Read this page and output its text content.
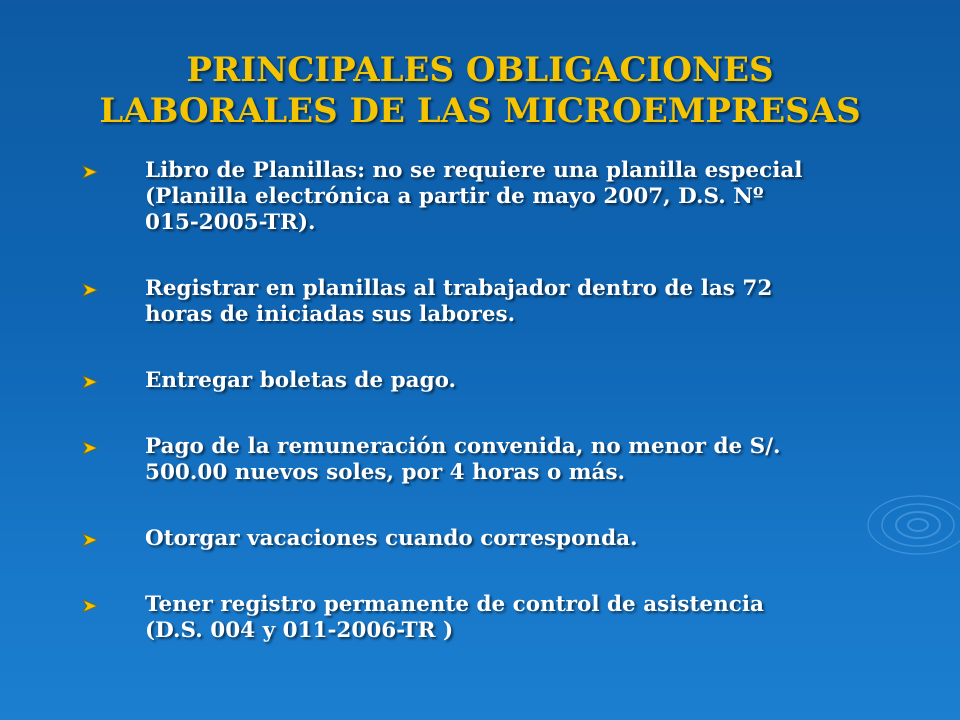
PRINCIPALES OBLIGACIONES
LABORALES DE LAS MICROEMPRESAS
Libro de Planillas: no se requiere una planilla especial
(Planilla electrónica a partir de mayo 2007, D.S. Nº
015-2005-TR).
Registrar en planillas al trabajador dentro de las 72
horas de iniciadas sus labores.
Entregar boletas de pago.
Pago de la remuneración convenida, no menor de S/.
500.00 nuevos soles, por 4 horas o más.
Otorgar vacaciones cuando corresponda.
Tener registro permanente de control de asistencia
(D.S. 004 y 011-2006-TR )
